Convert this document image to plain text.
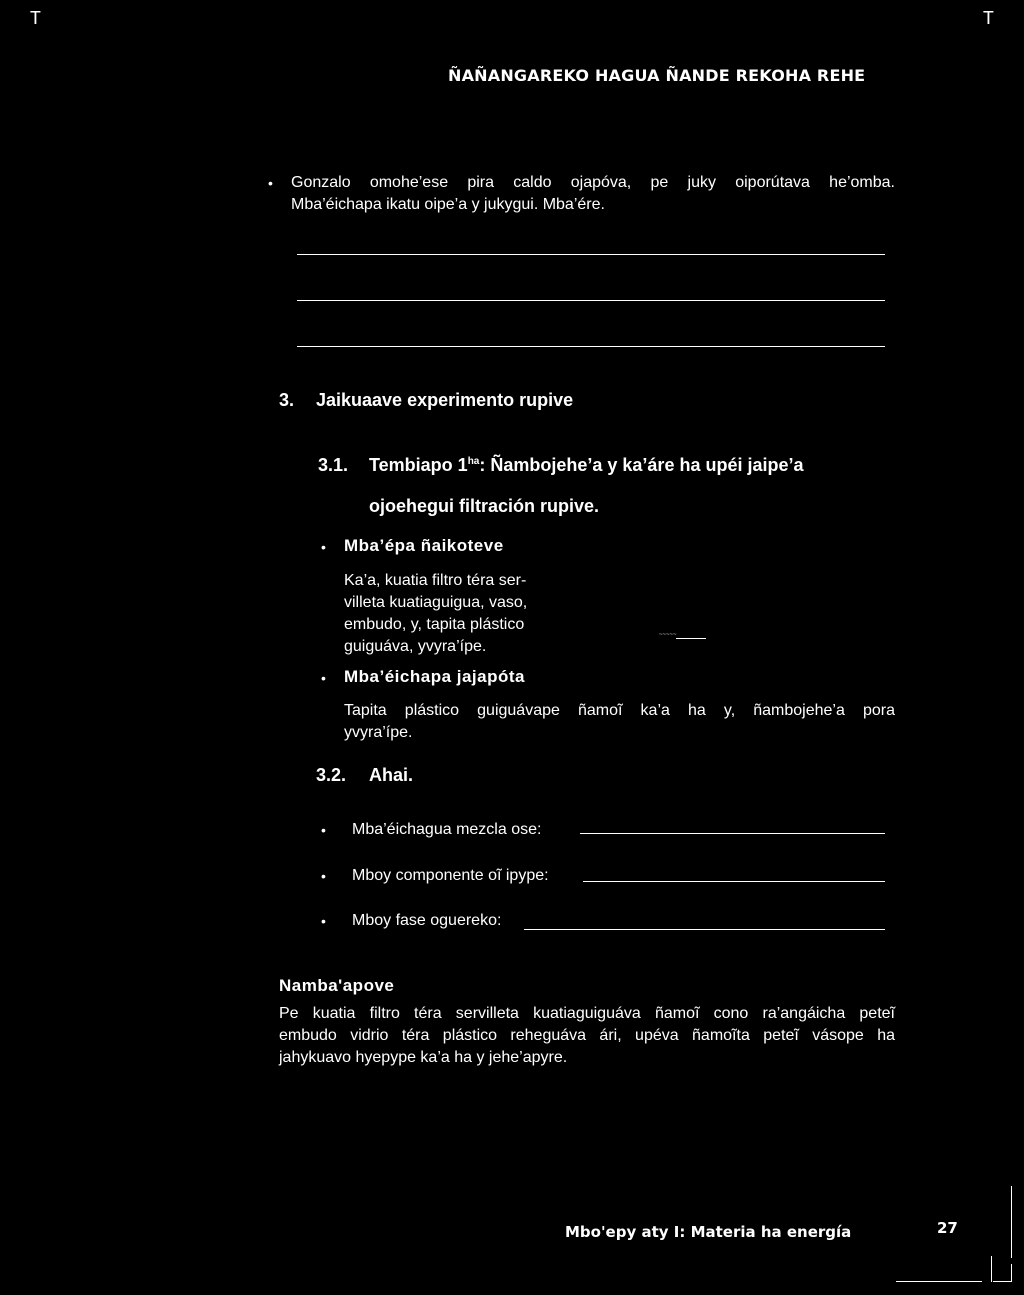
T	T
ÑAÑANGAREKO HAGUA ÑANDE REKOHA REHE
• Gonzalo omohe’ese pira caldo ojapóva, pe juky oiporútava he’omba.
Mba’éichapa ikatu oipe’a y jukygui. Mba’ére.
3. Jaikuaave experimento rupive
3.1. Tembiapo $1^{ha}$: Ñambojehe’a y ka’áre ha upéi jaipe’a
ojoehegui filtración rupive.
• Mba’épa ñaikoteve
Ka’a, kuatia filtro téra ser-
villeta kuatiaguigua, vaso,
embudo, y, tapita plástico
guiguáva, yvyra’ípe.
~~~~~
• Mba’éichapa jajapóta
Tapita plástico guiguávape ñamoĩ ka’a ha y, ñambojehe’a pora
yvyra’ípe.
3.2. Ahai.
• Mba’éichagua mezcla ose:
• Mboy componente oĩ ipype:
• Mboy fase oguereko:
Namba'apove
Pe kuatia filtro téra servilleta kuatiaguiguáva ñamoĩ cono ra’angáicha peteĩ
embudo vidrio téra plástico reheguáva ári, upéva ñamoĩta peteĩ vásope ha
jahykuavo hyepype ka’a ha y jehe’apyre.
Mbo'epy aty I: Materia ha energía	27
